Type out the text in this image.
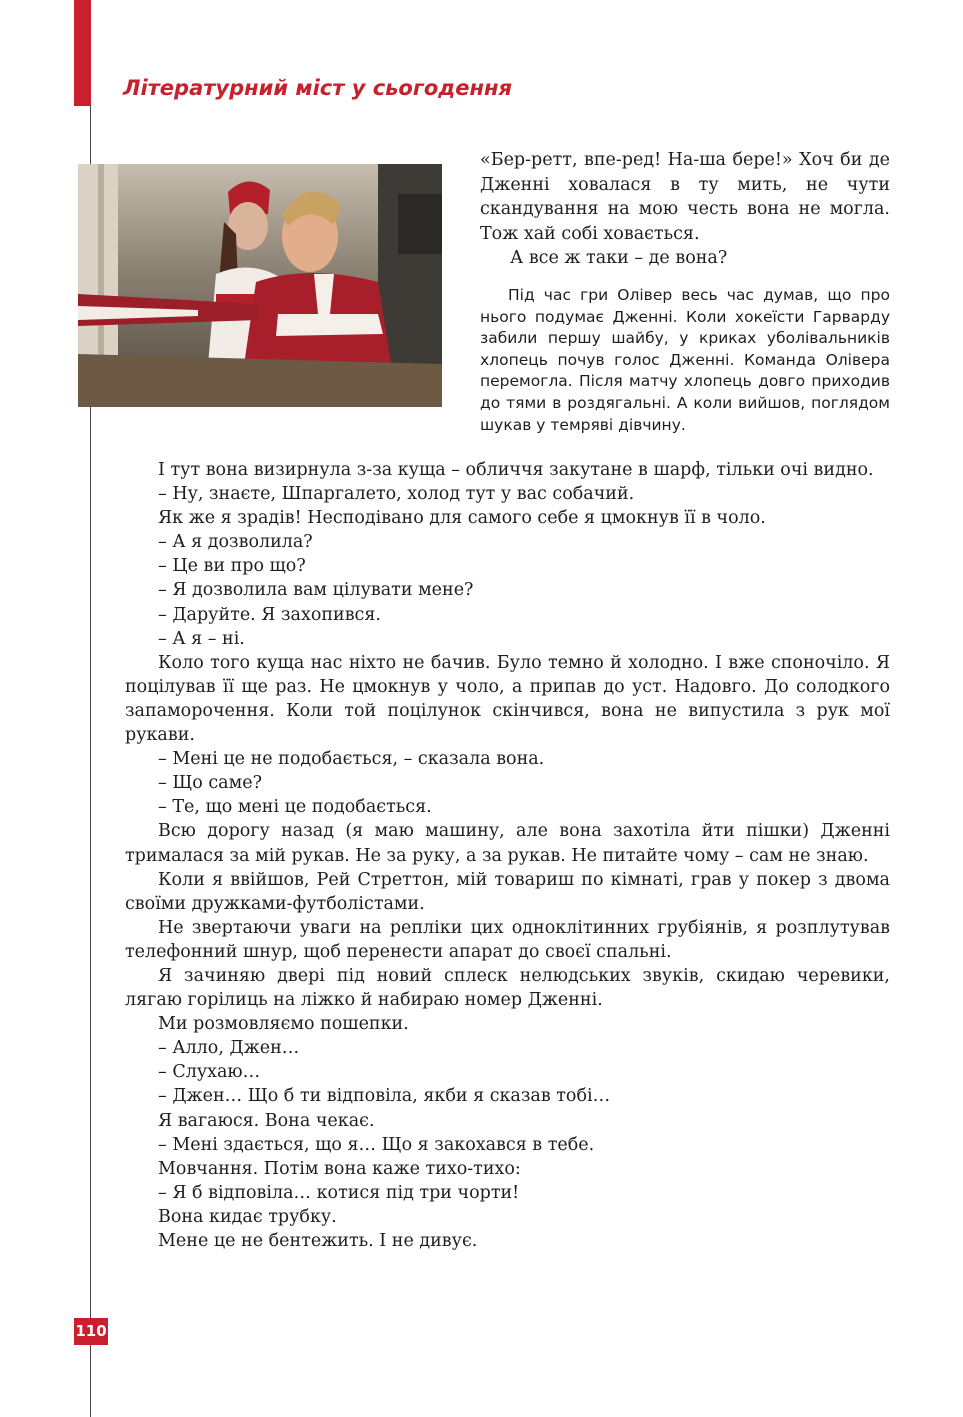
Літературний міст у сьогодення

«Бер-ретт, впе-ред! На-ша бере!» Хоч би де Дженні ховалася в ту мить, не чути скандування на мою честь вона не могла. Тож хай собі ховається.

А все ж таки – де вона?

Під час гри Олівер весь час думав, що про нього подумає Дженні. Коли хокеїсти Гарварду забили першу шайбу, у криках уболівальників хлопець почув голос Дженні. Команда Олівера перемогла. Після матчу хлопець довго приходив до тями в роздягальні. А коли вийшов, поглядом шукав у темряві дівчину.

І тут вона визирнула з-за куща – обличчя закутане в шарф, тільки очі видно.

– Ну, знаєте, Шпаргалето, холод тут у вас собачий.

Як же я зрадів! Несподівано для самого себе я цмокнув її в чоло.

– А я дозволила?

– Це ви про що?

– Я дозволила вам цілувати мене?

– Даруйте. Я захопився.

– А я – ні.

Коло того куща нас ніхто не бачив. Було темно й холодно. І вже споночіло. Я поцілував її ще раз. Не цмокнув у чоло, а припав до уст. Надовго. До солодкого запаморочення. Коли той поцілунок скінчився, вона не випустила з рук мої рукави.

– Мені це не подобається, – сказала вона.

– Що саме?

– Те, що мені це подобається.

Всю дорогу назад (я маю машину, але вона захотіла йти пішки) Дженні трималася за мій рукав. Не за руку, а за рукав. Не питайте чому – сам не знаю.

Коли я ввійшов, Рей Стреттон, мій товариш по кімнаті, грав у покер з двома своїми дружками-футболістами.

Не звертаючи уваги на репліки цих одноклітинних грубіянів, я розплутував телефонний шнур, щоб перенести апарат до своєї спальні.

Я зачиняю двері під новий сплеск нелюдських звуків, скидаю черевики, лягаю горілиць на ліжко й набираю номер Дженні.

Ми розмовляємо пошепки.

– Алло, Джен…

– Слухаю…

– Джен… Що б ти відповіла, якби я сказав тобі…

Я вагаюся. Вона чекає.

– Мені здається, що я… Що я закохався в тебе.

Мовчання. Потім вона каже тихо-тихо:

– Я б відповіла… котися під три чорти!

Вона кидає трубку.

Мене це не бентежить. І не дивує.

110
